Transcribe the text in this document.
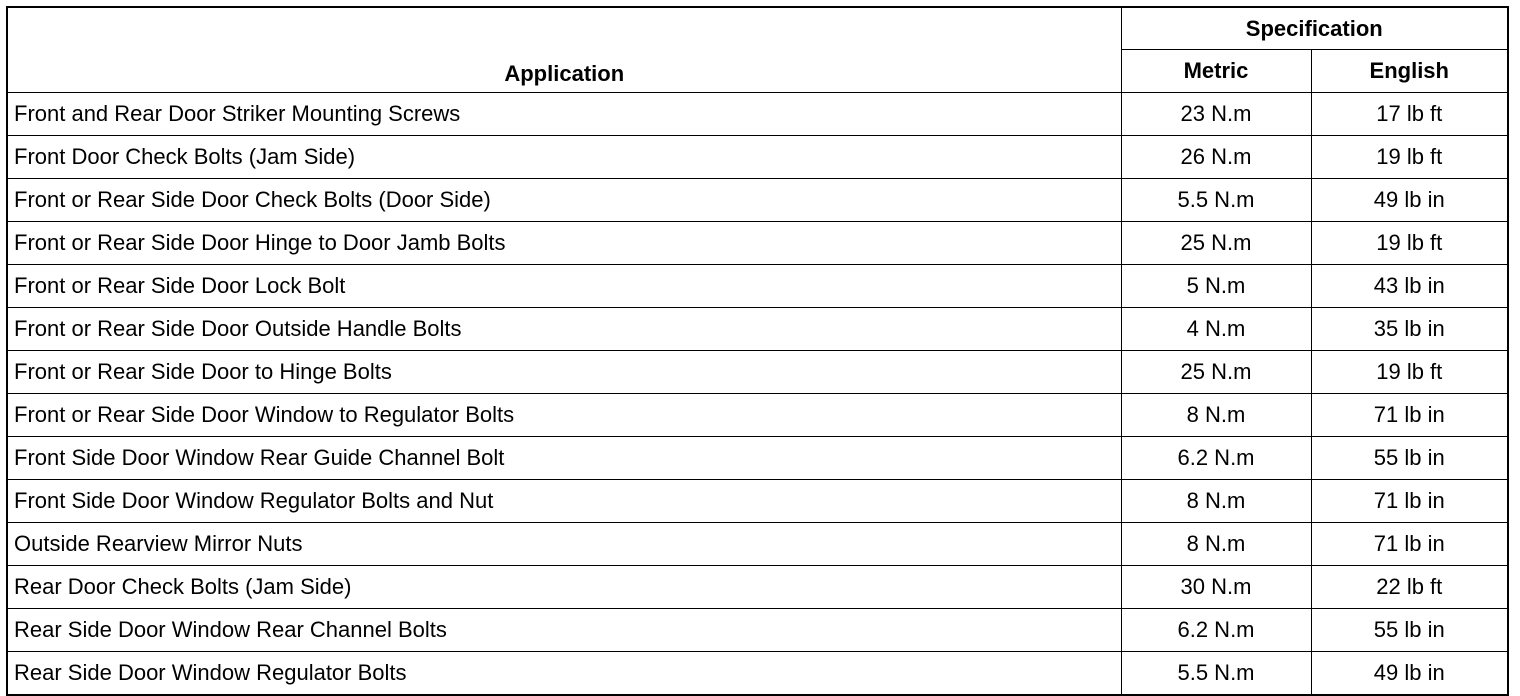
Application	Specification	
	Metric	English
Front and Rear Door Striker Mounting Screws	23 N.m	17 lb ft
Front Door Check Bolts (Jam Side)	26 N.m	19 lb ft
Front or Rear Side Door Check Bolts (Door Side)	5.5 N.m	49 lb in
Front or Rear Side Door Hinge to Door Jamb Bolts	25 N.m	19 lb ft
Front or Rear Side Door Lock Bolt	5 N.m	43 lb in
Front or Rear Side Door Outside Handle Bolts	4 N.m	35 lb in
Front or Rear Side Door to Hinge Bolts	25 N.m	19 lb ft
Front or Rear Side Door Window to Regulator Bolts	8 N.m	71 lb in
Front Side Door Window Rear Guide Channel Bolt	6.2 N.m	55 lb in
Front Side Door Window Regulator Bolts and Nut	8 N.m	71 lb in
Outside Rearview Mirror Nuts	8 N.m	71 lb in
Rear Door Check Bolts (Jam Side)	30 N.m	22 lb ft
Rear Side Door Window Rear Channel Bolts	6.2 N.m	55 lb in
Rear Side Door Window Regulator Bolts	5.5 N.m	49 lb in
